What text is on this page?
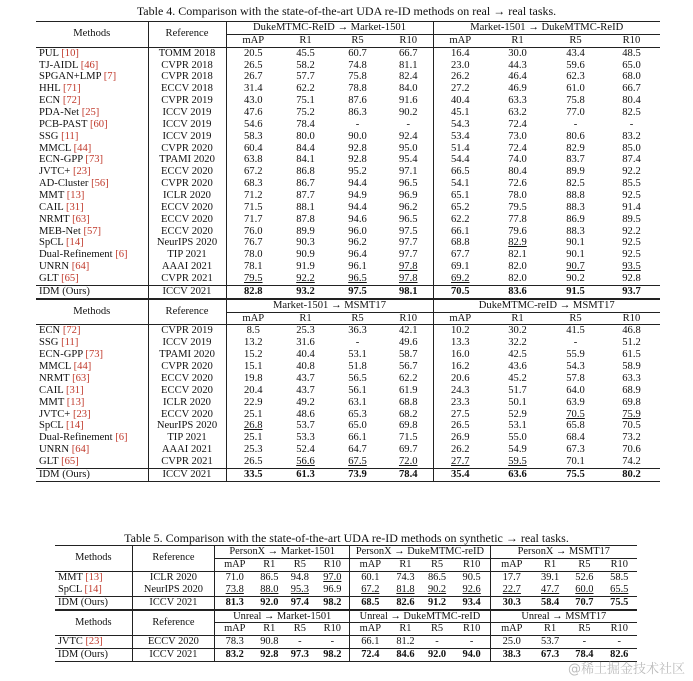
Table 4. Comparison with the state-of-the-art UDA re-ID methods on real → real tasks.
Methods	Reference	DukeMTMC-ReID → Market-1501				Market-1501 → DukeMTMC-ReID			
		mAP	R1	R5	R10	mAP	R1	R5	R10
PUL [10]	TOMM 2018	20.5	45.5	60.7	66.7	16.4	30.0	43.4	48.5
TJ-AIDL [46]	CVPR 2018	26.5	58.2	74.8	81.1	23.0	44.3	59.6	65.0
SPGAN+LMP [7]	CVPR 2018	26.7	57.7	75.8	82.4	26.2	46.4	62.3	68.0
HHL [71]	ECCV 2018	31.4	62.2	78.8	84.0	27.2	46.9	61.0	66.7
ECN [72]	CVPR 2019	43.0	75.1	87.6	91.6	40.4	63.3	75.8	80.4
PDA-Net [25]	ICCV 2019	47.6	75.2	86.3	90.2	45.1	63.2	77.0	82.5
PCB-PAST [60]	ICCV 2019	54.6	78.4	-	-	54.3	72.4	-	-
SSG [11]	ICCV 2019	58.3	80.0	90.0	92.4	53.4	73.0	80.6	83.2
MMCL [44]	CVPR 2020	60.4	84.4	92.8	95.0	51.4	72.4	82.9	85.0
ECN-GPP [73]	TPAMI 2020	63.8	84.1	92.8	95.4	54.4	74.0	83.7	87.4
JVTC+ [23]	ECCV 2020	67.2	86.8	95.2	97.1	66.5	80.4	89.9	92.2
AD-Cluster [56]	CVPR 2020	68.3	86.7	94.4	96.5	54.1	72.6	82.5	85.5
MMT [13]	ICLR 2020	71.2	87.7	94.9	96.9	65.1	78.0	88.8	92.5
CAIL [31]	ECCV 2020	71.5	88.1	94.4	96.2	65.2	79.5	88.3	91.4
NRMT [63]	ECCV 2020	71.7	87.8	94.6	96.5	62.2	77.8	86.9	89.5
MEB-Net [57]	ECCV 2020	76.0	89.9	96.0	97.5	66.1	79.6	88.3	92.2
SpCL [14]	NeurIPS 2020	76.7	90.3	96.2	97.7	68.8	82.9	90.1	92.5
Dual-Refinement [6]	TIP 2021	78.0	90.9	96.4	97.7	67.7	82.1	90.1	92.5
UNRN [64]	AAAI 2021	78.1	91.9	96.1	97.8	69.1	82.0	90.7	93.5
GLT [65]	CVPR 2021	79.5	92.2	96.5	97.8	69.2	82.0	90.2	92.8
IDM (Ours)	ICCV 2021	82.8	93.2	97.5	98.1	70.5	83.6	91.5	93.7
Methods	Reference	Market-1501 → MSMT17				DukeMTMC-reID → MSMT17			
		mAP	R1	R5	R10	mAP	R1	R5	R10
ECN [72]	CVPR 2019	8.5	25.3	36.3	42.1	10.2	30.2	41.5	46.8
SSG [11]	ICCV 2019	13.2	31.6	-	49.6	13.3	32.2	-	51.2
ECN-GPP [73]	TPAMI 2020	15.2	40.4	53.1	58.7	16.0	42.5	55.9	61.5
MMCL [44]	CVPR 2020	15.1	40.8	51.8	56.7	16.2	43.6	54.3	58.9
NRMT [63]	ECCV 2020	19.8	43.7	56.5	62.2	20.6	45.2	57.8	63.3
CAIL [31]	ECCV 2020	20.4	43.7	56.1	61.9	24.3	51.7	64.0	68.9
MMT [13]	ICLR 2020	22.9	49.2	63.1	68.8	23.3	50.1	63.9	69.8
JVTC+ [23]	ECCV 2020	25.1	48.6	65.3	68.2	27.5	52.9	70.5	75.9
SpCL [14]	NeurIPS 2020	26.8	53.7	65.0	69.8	26.5	53.1	65.8	70.5
Dual-Refinement [6]	TIP 2021	25.1	53.3	66.1	71.5	26.9	55.0	68.4	73.2
UNRN [64]	AAAI 2021	25.3	52.4	64.7	69.7	26.2	54.9	67.3	70.6
GLT [65]	CVPR 2021	26.5	56.6	67.5	72.0	27.7	59.5	70.1	74.2
IDM (Ours)	ICCV 2021	33.5	61.3	73.9	78.4	35.4	63.6	75.5	80.2
Table 5. Comparison with the state-of-the-art UDA re-ID methods on synthetic → real tasks.
Methods	Reference	PersonX → Market-1501				PersonX → DukeMTMC-reID				PersonX → MSMT17			
		mAP	R1	R5	R10	mAP	R1	R5	R10	mAP	R1	R5	R10
MMT [13]	ICLR 2020	71.0	86.5	94.8	97.0	60.1	74.3	86.5	90.5	17.7	39.1	52.6	58.5
SpCL [14]	NeurIPS 2020	73.8	88.0	95.3	96.9	67.2	81.8	90.2	92.6	22.7	47.7	60.0	65.5
IDM (Ours)	ICCV 2021	81.3	92.0	97.4	98.2	68.5	82.6	91.2	93.4	30.3	58.4	70.7	75.5
Methods	Reference	Unreal → Market-1501				Unreal → DukeMTMC-reID				Unreal → MSMT17			
		mAP	R1	R5	R10	mAP	R1	R5	R10	mAP	R1	R5	R10
JVTC [23]	ECCV 2020	78.3	90.8	-	-	66.1	81.2	-	-	25.0	53.7	-	-
IDM (Ours)	ICCV 2021	83.2	92.8	97.3	98.2	72.4	84.6	92.0	94.0	38.3	67.3	78.4	82.6
@稀土掘金技术社区
